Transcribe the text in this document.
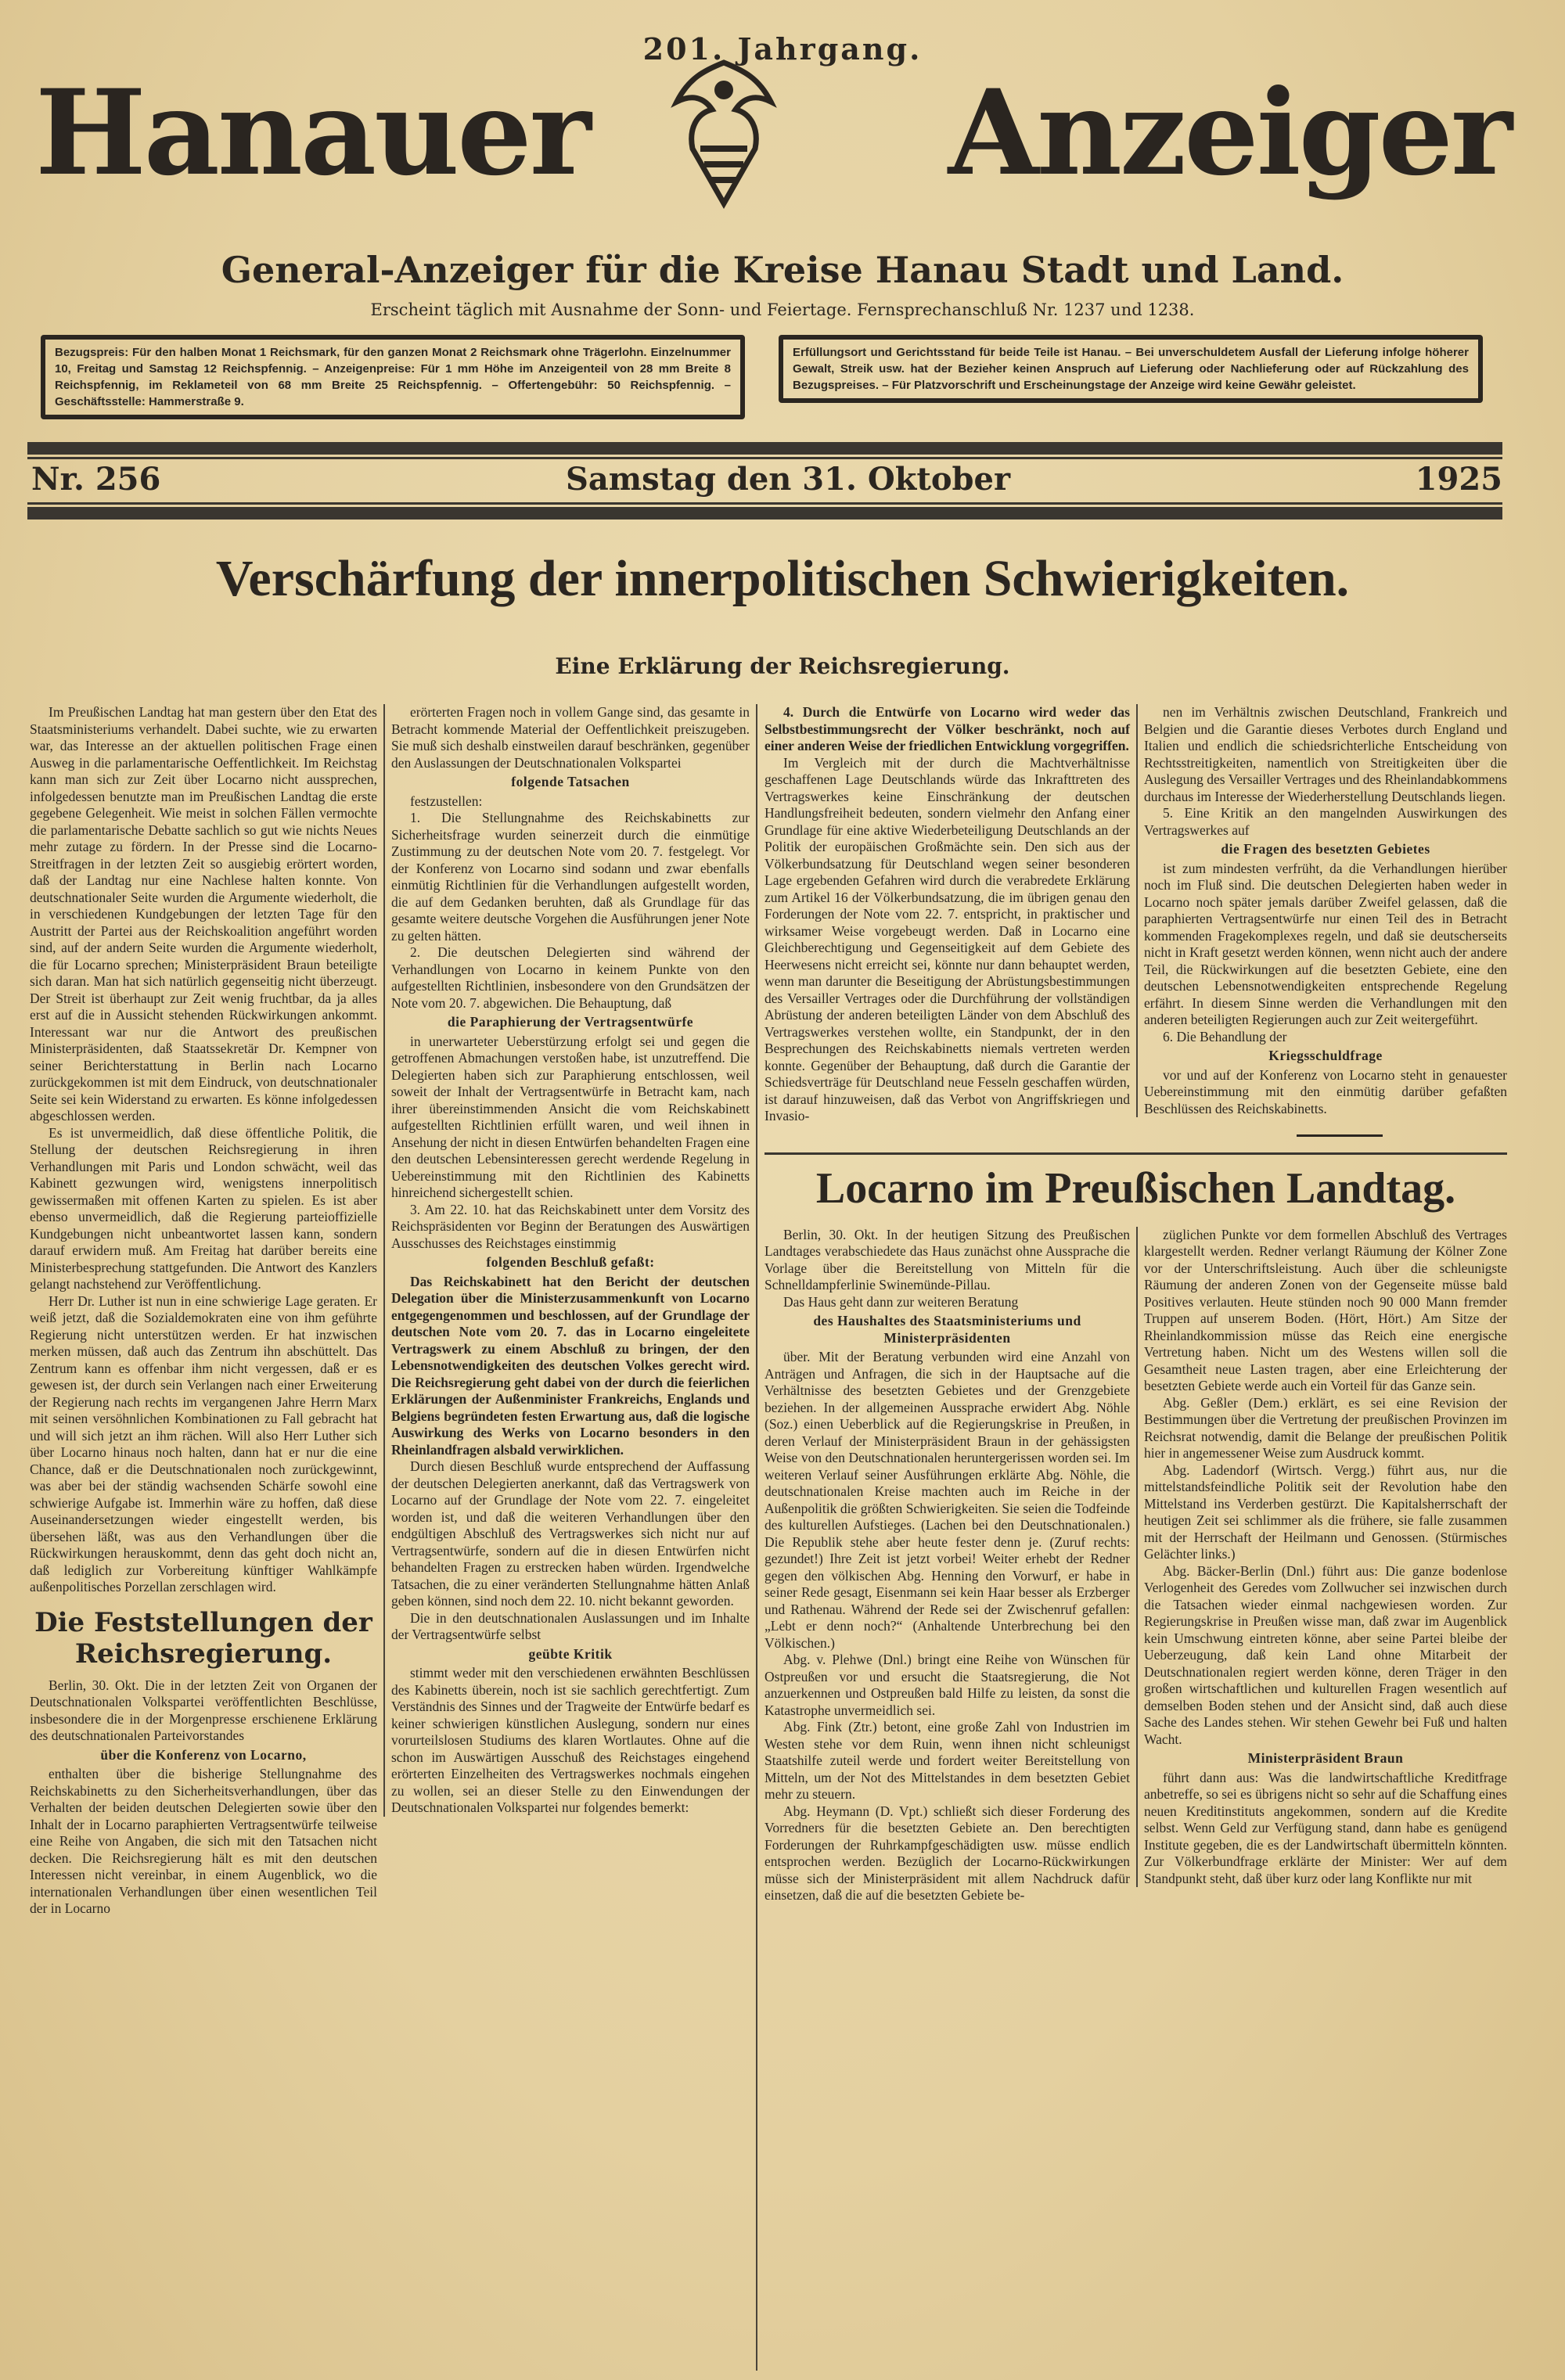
201. Jahrgang.
Hanauer	Anzeiger
General-Anzeiger für die Kreise Hanau Stadt und Land.
Erscheint täglich mit Ausnahme der Sonn- und Feiertage. Fernsprechanschluß Nr. 1237 und 1238.
Bezugspreis: Für den halben Monat 1 Reichsmark, für den ganzen Monat 2 Reichsmark ohne Trägerlohn. Einzelnummer 10, Freitag und Samstag 12 Reichspfennig. – Anzeigenpreise: Für 1 mm Höhe im Anzeigenteil von 28 mm Breite 8 Reichspfennig, im Reklameteil von 68 mm Breite 25 Reichspfennig. – Offertengebühr: 50 Reichspfennig. – Geschäftsstelle: Hammerstraße 9.
Erfüllungsort und Gerichtsstand für beide Teile ist Hanau. – Bei unverschuldetem Ausfall der Lieferung infolge höherer Gewalt, Streik usw. hat der Bezieher keinen Anspruch auf Lieferung oder Nachlieferung oder auf Rückzahlung des Bezugspreises. – Für Platzvorschrift und Erscheinungstage der Anzeige wird keine Gewähr geleistet.
Nr. 256	Samstag den 31. Oktober	1925
Verschärfung der innerpolitischen Schwierigkeiten.
Eine Erklärung der Reichsregierung.

Im Preußischen Landtag hat man gestern über den Etat des Staatsministeriums verhandelt. Dabei suchte, wie zu erwarten war, das Interesse an der aktuellen politischen Frage einen Ausweg in die parlamentarische Oeffentlichkeit. Im Reichstag kann man sich zur Zeit über Locarno nicht aussprechen, infolgedessen benutzte man im Preußischen Landtag die erste gegebene Gelegenheit. Wie meist in solchen Fällen vermochte die parlamentarische Debatte sachlich so gut wie nichts Neues mehr zutage zu fördern. In der Presse sind die Locarno-Streitfragen in der letzten Zeit so ausgiebig erörtert worden, daß der Landtag nur eine Nachlese halten konnte. Von deutschnationaler Seite wurden die Argumente wiederholt, die in verschiedenen Kundgebungen der letzten Tage für den Austritt der Partei aus der Reichskoalition angeführt worden sind, auf der andern Seite wurden die Argumente wiederholt, die für Locarno sprechen; Ministerpräsident Braun beteiligte sich daran. Man hat sich natürlich gegenseitig nicht überzeugt. Der Streit ist überhaupt zur Zeit wenig fruchtbar, da ja alles erst auf die in Aussicht stehenden Rückwirkungen ankommt. Interessant war nur die Antwort des preußischen Ministerpräsidenten, daß Staatssekretär Dr. Kempner von seiner Berichterstattung in Berlin nach Locarno zurückgekommen ist mit dem Eindruck, von deutschnationaler Seite sei kein Widerstand zu erwarten. Es könne infolgedessen abgeschlossen werden.

Es ist unvermeidlich, daß diese öffentliche Politik, die Stellung der deutschen Reichsregierung in ihren Verhandlungen mit Paris und London schwächt, weil das Kabinett gezwungen wird, wenigstens innerpolitisch gewissermaßen mit offenen Karten zu spielen. Es ist aber ebenso unvermeidlich, daß die Regierung parteioffizielle Kundgebungen nicht unbeantwortet lassen kann, sondern darauf erwidern muß. Am Freitag hat darüber bereits eine Ministerbesprechung stattgefunden. Die Antwort des Kanzlers gelangt nachstehend zur Veröffentlichung.

Herr Dr. Luther ist nun in eine schwierige Lage geraten. Er weiß jetzt, daß die Sozialdemokraten eine von ihm geführte Regierung nicht unterstützen werden. Er hat inzwischen merken müssen, daß auch das Zentrum ihn abschüttelt. Das Zentrum kann es offenbar ihm nicht vergessen, daß er es gewesen ist, der durch sein Verlangen nach einer Erweiterung der Regierung nach rechts im vergangenen Jahre Herrn Marx mit seinen versöhnlichen Kombinationen zu Fall gebracht hat und will sich jetzt an ihm rächen. Will also Herr Luther sich über Locarno hinaus noch halten, dann hat er nur die eine Chance, daß er die Deutschnationalen noch zurückgewinnt, was aber bei der ständig wachsenden Schärfe sowohl eine schwierige Aufgabe ist. Immerhin wäre zu hoffen, daß diese Auseinandersetzungen wieder eingestellt werden, bis übersehen läßt, was aus den Verhandlungen über die Rückwirkungen herauskommt, denn das geht doch nicht an, daß lediglich zur Vorbereitung künftiger Wahlkämpfe außenpolitisches Porzellan zerschlagen wird.

Die Feststellungen der Reichsregierung.

Berlin, 30. Okt. Die in der letzten Zeit von Organen der Deutschnationalen Volkspartei veröffentlichten Beschlüsse, insbesondere die in der Morgenpresse erschienene Erklärung des deutschnationalen Parteivorstandes

über die Konferenz von Locarno,

enthalten über die bisherige Stellungnahme des Reichskabinetts zu den Sicherheitsverhandlungen, über das Verhalten der beiden deutschen Delegierten sowie über den Inhalt der in Locarno paraphierten Vertragsentwürfe teilweise eine Reihe von Angaben, die sich mit den Tatsachen nicht decken. Die Reichsregierung hält es mit den deutschen Interessen nicht vereinbar, in einem Augenblick, wo die internationalen Verhandlungen über einen wesentlichen Teil der in Locarno

erörterten Fragen noch in vollem Gange sind, das gesamte in Betracht kommende Material der Oeffentlichkeit preiszugeben. Sie muß sich deshalb einstweilen darauf beschränken, gegenüber den Auslassungen der Deutschnationalen Volkspartei

folgende Tatsachen

festzustellen:

1. Die Stellungnahme des Reichskabinetts zur Sicherheitsfrage wurden seinerzeit durch die einmütige Zustimmung zu der deutschen Note vom 20. 7. festgelegt. Vor der Konferenz von Locarno sind sodann und zwar ebenfalls einmütig Richtlinien für die Verhandlungen aufgestellt worden, die auf dem Gedanken beruhten, daß als Grundlage für das gesamte weitere deutsche Vorgehen die Ausführungen jener Note zu gelten hätten.

2. Die deutschen Delegierten sind während der Verhandlungen von Locarno in keinem Punkte von den aufgestellten Richtlinien, insbesondere von den Grundsätzen der Note vom 20. 7. abgewichen. Die Behauptung, daß

die Paraphierung der Vertragsentwürfe

in unerwarteter Ueberstürzung erfolgt sei und gegen die getroffenen Abmachungen verstoßen habe, ist unzutreffend. Die Delegierten haben sich zur Paraphierung entschlossen, weil soweit der Inhalt der Vertragsentwürfe in Betracht kam, nach ihrer übereinstimmenden Ansicht die vom Reichskabinett aufgestellten Richtlinien erfüllt waren, und weil ihnen in Ansehung der nicht in diesen Entwürfen behandelten Fragen eine den deutschen Lebensinteressen gerecht werdende Regelung in Uebereinstimmung mit den Richtlinien des Kabinetts hinreichend sichergestellt schien.

3. Am 22. 10. hat das Reichskabinett unter dem Vorsitz des Reichspräsidenten vor Beginn der Beratungen des Auswärtigen Ausschusses des Reichstages einstimmig

folgenden Beschluß gefaßt:

Das Reichskabinett hat den Bericht der deutschen Delegation über die Ministerzusammenkunft von Locarno entgegengenommen und beschlossen, auf der Grundlage der deutschen Note vom 20. 7. das in Locarno eingeleitete Vertragswerk zu einem Abschluß zu bringen, der den Lebensnotwendigkeiten des deutschen Volkes gerecht wird. Die Reichsregierung geht dabei von der durch die feierlichen Erklärungen der Außenminister Frankreichs, Englands und Belgiens begründeten festen Erwartung aus, daß die logische Auswirkung des Werks von Locarno besonders in den Rheinlandfragen alsbald verwirklichen.

Durch diesen Beschluß wurde entsprechend der Auffassung der deutschen Delegierten anerkannt, daß das Vertragswerk von Locarno auf der Grundlage der Note vom 22. 7. eingeleitet worden ist, und daß die weiteren Verhandlungen über den endgültigen Abschluß des Vertragswerkes sich nicht nur auf Vertragsentwürfe, sondern auf die in diesen Entwürfen nicht behandelten Fragen zu erstrecken haben würden. Irgendwelche Tatsachen, die zu einer veränderten Stellungnahme hätten Anlaß geben können, sind noch dem 22. 10. nicht bekannt geworden.

Die in den deutschnationalen Auslassungen und im Inhalte der Vertragsentwürfe selbst

geübte Kritik

stimmt weder mit den verschiedenen erwähnten Beschlüssen des Kabinetts überein, noch ist sie sachlich gerechtfertigt. Zum Verständnis des Sinnes und der Tragweite der Entwürfe bedarf es keiner schwierigen künstlichen Auslegung, sondern nur eines vorurteilslosen Studiums des klaren Wortlautes. Ohne auf die schon im Auswärtigen Ausschuß des Reichstages eingehend erörterten Einzelheiten des Vertragswerkes nochmals eingehen zu wollen, sei an dieser Stelle zu den Einwendungen der Deutschnationalen Volkspartei nur folgendes bemerkt:

4. Durch die Entwürfe von Locarno wird weder das Selbstbestimmungsrecht der Völker beschränkt, noch auf einer anderen Weise der friedlichen Entwicklung vorgegriffen.

Im Vergleich mit der durch die Machtverhältnisse geschaffenen Lage Deutschlands würde das Inkrafttreten des Vertragswerkes keine Einschränkung der deutschen Handlungsfreiheit bedeuten, sondern vielmehr den Anfang einer Grundlage für eine aktive Wiederbeteiligung Deutschlands an der Politik der europäischen Großmächte sein. Den sich aus der Völkerbundsatzung für Deutschland wegen seiner besonderen Lage ergebenden Gefahren wird durch die verabredete Erklärung zum Artikel 16 der Völkerbundsatzung, die im übrigen genau den Forderungen der Note vom 22. 7. entspricht, in praktischer und wirksamer Weise vorgebeugt werden. Daß in Locarno eine Gleichberechtigung und Gegenseitigkeit auf dem Gebiete des Heerwesens nicht erreicht sei, könnte nur dann behauptet werden, wenn man darunter die Beseitigung der Abrüstungsbestimmungen des Versailler Vertrages oder die Durchführung der vollständigen Abrüstung der anderen beteiligten Länder von dem Abschluß des Vertragswerkes verstehen wollte, ein Standpunkt, der in den Besprechungen des Reichskabinetts niemals vertreten werden konnte. Gegenüber der Behauptung, daß durch die Garantie der Schiedsverträge für Deutschland neue Fesseln geschaffen würden, ist darauf hinzuweisen, daß das Verbot von Angriffskriegen und Invasio-

nen im Verhältnis zwischen Deutschland, Frankreich und Belgien und die Garantie dieses Verbotes durch England und Italien und endlich die schiedsrichterliche Entscheidung von Rechtsstreitigkeiten, namentlich von Streitigkeiten über die Auslegung des Versailler Vertrages und des Rheinlandabkommens durchaus im Interesse der Wiederherstellung Deutschlands liegen.

5. Eine Kritik an den mangelnden Auswirkungen des Vertragswerkes auf

die Fragen des besetzten Gebietes

ist zum mindesten verfrüht, da die Verhandlungen hierüber noch im Fluß sind. Die deutschen Delegierten haben weder in Locarno noch später jemals darüber Zweifel gelassen, daß die paraphierten Vertragsentwürfe nur einen Teil des in Betracht kommenden Fragekomplexes regeln, und daß sie deutscherseits nicht in Kraft gesetzt werden können, wenn nicht auch der andere Teil, die Rückwirkungen auf die besetzten Gebiete, eine den deutschen Lebensnotwendigkeiten entsprechende Regelung erfährt. In diesem Sinne werden die Verhandlungen mit den anderen beteiligten Regierungen auch zur Zeit weitergeführt.

6. Die Behandlung der

Kriegsschuldfrage

vor und auf der Konferenz von Locarno steht in genauester Uebereinstimmung mit den einmütig darüber gefaßten Beschlüssen des Reichskabinetts.

Locarno im Preußischen Landtag.

Berlin, 30. Okt. In der heutigen Sitzung des Preußischen Landtages verabschiedete das Haus zunächst ohne Aussprache die Vorlage über die Bereitstellung von Mitteln für die Schnelldampferlinie Swinemünde-Pillau.

Das Haus geht dann zur weiteren Beratung

des Haushaltes des Staatsministeriums und Ministerpräsidenten

über. Mit der Beratung verbunden wird eine Anzahl von Anträgen und Anfragen, die sich in der Hauptsache auf die Verhältnisse des besetzten Gebietes und der Grenzgebiete beziehen. In der allgemeinen Aussprache erwidert Abg. Nöhle (Soz.) einen Ueberblick auf die Regierungskrise in Preußen, in deren Verlauf der Ministerpräsident Braun in der gehässigsten Weise von den Deutschnationalen heruntergerissen worden sei. Im weiteren Verlauf seiner Ausführungen erklärte Abg. Nöhle, die deutschnationalen Kreise machten auch im Reiche in der Außenpolitik die größten Schwierigkeiten. Sie seien die Todfeinde des kulturellen Aufstieges. (Lachen bei den Deutschnationalen.) Die Republik stehe aber heute fester denn je. (Zuruf rechts: gezundet!) Ihre Zeit ist jetzt vorbei! Weiter erhebt der Redner gegen den völkischen Abg. Henning den Vorwurf, er habe in seiner Rede gesagt, Eisenmann sei kein Haar besser als Erzberger und Rathenau. Während der Rede sei der Zwischenruf gefallen: „Lebt er denn noch?“ (Anhaltende Unterbrechung bei den Völkischen.)

Abg. v. Plehwe (Dnl.) bringt eine Reihe von Wünschen für Ostpreußen vor und ersucht die Staatsregierung, die Not anzuerkennen und Ostpreußen bald Hilfe zu leisten, da sonst die Katastrophe unvermeidlich sei.

Abg. Fink (Ztr.) betont, eine große Zahl von Industrien im Westen stehe vor dem Ruin, wenn ihnen nicht schleunigst Staatshilfe zuteil werde und fordert weiter Bereitstellung von Mitteln, um der Not des Mittelstandes in dem besetzten Gebiet mehr zu steuern.

Abg. Heymann (D. Vpt.) schließt sich dieser Forderung des Vorredners für die besetzten Gebiete an. Den berechtigten Forderungen der Ruhrkampfgeschädigten usw. müsse endlich entsprochen werden. Bezüglich der Locarno-Rückwirkungen müsse sich der Ministerpräsident mit allem Nachdruck dafür einsetzen, daß die auf die besetzten Gebiete be-

züglichen Punkte vor dem formellen Abschluß des Vertrages klargestellt werden. Redner verlangt Räumung der Kölner Zone vor der Unterschriftsleistung. Auch über die schleunigste Räumung der anderen Zonen von der Gegenseite müsse bald Positives verlauten. Heute stünden noch 90 000 Mann fremder Truppen auf unserem Boden. (Hört, Hört.) Am Sitze der Rheinlandkommission müsse das Reich eine energische Vertretung haben. Nicht um des Westens willen soll die Gesamtheit neue Lasten tragen, aber eine Erleichterung der besetzten Gebiete werde auch ein Vorteil für das Ganze sein.

Abg. Geßler (Dem.) erklärt, es sei eine Revision der Bestimmungen über die Vertretung der preußischen Provinzen im Reichsrat notwendig, damit die Belange der preußischen Politik hier in angemessener Weise zum Ausdruck kommt.

Abg. Ladendorf (Wirtsch. Vergg.) führt aus, nur die mittelstandsfeindliche Politik seit der Revolution habe den Mittelstand ins Verderben gestürzt. Die Kapitalsherrschaft der heutigen Zeit sei schlimmer als die frühere, sie falle zusammen mit der Herrschaft der Heilmann und Genossen. (Stürmisches Gelächter links.)

Abg. Bäcker-Berlin (Dnl.) führt aus: Die ganze bodenlose Verlogenheit des Geredes vom Zollwucher sei inzwischen durch die Tatsachen wieder einmal nachgewiesen worden. Zur Regierungskrise in Preußen wisse man, daß zwar im Augenblick kein Umschwung eintreten könne, aber seine Partei bleibe der Ueberzeugung, daß kein Land ohne Mitarbeit der Deutschnationalen regiert werden könne, deren Träger in den großen wirtschaftlichen und kulturellen Fragen wesentlich auf demselben Boden stehen und der Ansicht sind, daß auch diese Sache des Landes stehen. Wir stehen Gewehr bei Fuß und halten Wacht.

Ministerpräsident Braun

führt dann aus: Was die landwirtschaftliche Kreditfrage anbetreffe, so sei es übrigens nicht so sehr auf die Schaffung eines neuen Kreditinstituts angekommen, sondern auf die Kredite selbst. Wenn Geld zur Verfügung stand, dann habe es genügend Institute gegeben, die es der Landwirtschaft übermitteln könnten. Zur Völkerbundfrage erklärte der Minister: Wer auf dem Standpunkt steht, daß über kurz oder lang Konflikte nur mit
